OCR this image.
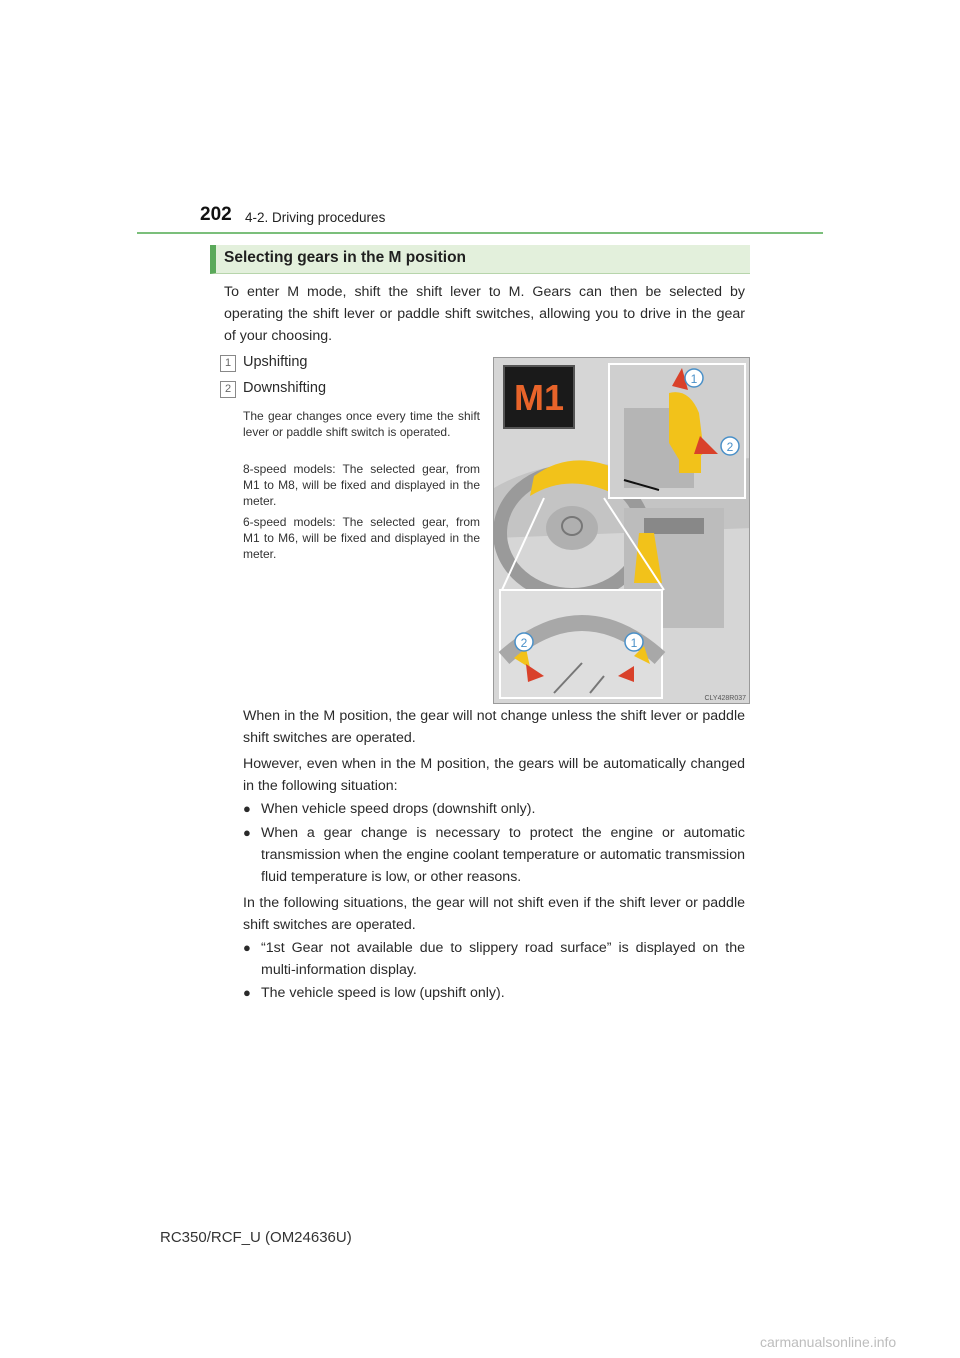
202 4-2. Driving procedures
Selecting gears in the M position
To enter M mode, shift the shift lever to M. Gears can then be selected by operating the shift lever or paddle shift switches, allowing you to drive in the gear of your choosing.
1 Upshifting
2 Downshifting
The gear changes once every time the shift lever or paddle shift switch is operated.
8-speed models: The selected gear, from M1 to M8, will be fixed and displayed in the meter.
6-speed models: The selected gear, from M1 to M6, will be fixed and displayed in the meter.
M1	1
2
2	1
CLY428R037
When in the M position, the gear will not change unless the shift lever or paddle shift switches are operated.
However, even when in the M position, the gears will be automatically changed in the following situation:
● When vehicle speed drops (downshift only).
● When a gear change is necessary to protect the engine or automatic transmission when the engine coolant temperature or automatic transmission fluid temperature is low, or other reasons.
In the following situations, the gear will not shift even if the shift lever or paddle shift switches are operated.
● “1st Gear not available due to slippery road surface” is displayed on the multi-information display.
● The vehicle speed is low (upshift only).
RC350/RCF_U (OM24636U)
carmanualsonline.info
